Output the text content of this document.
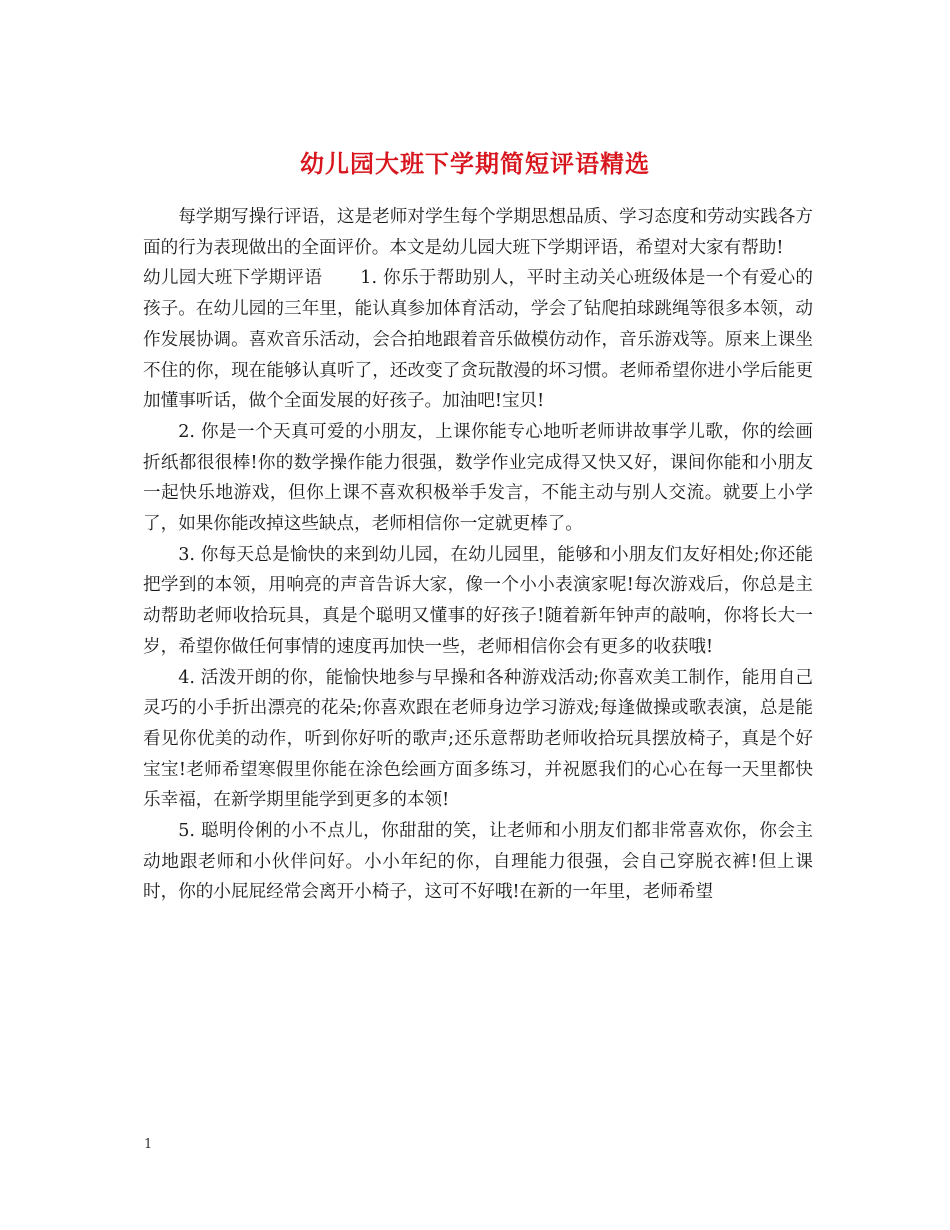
幼儿园大班下学期简短评语精选

每学期写操行评语，这是老师对学生每个学期思想品质、学习态度和劳动实践各方面的行为表现做出的全面评价。本文是幼儿园大班下学期评语，希望对大家有帮助!

幼儿园大班下学期评语 1. 你乐于帮助别人，平时主动关心班级体是一个有爱心的孩子。在幼儿园的三年里，能认真参加体育活动，学会了钻爬拍球跳绳等很多本领，动作发展协调。喜欢音乐活动，会合拍地跟着音乐做模仿动作，音乐游戏等。原来上课坐不住的你，现在能够认真听了，还改变了贪玩散漫的坏习惯。老师希望你进小学后能更加懂事听话，做个全面发展的好孩子。加油吧!宝贝!

2. 你是一个天真可爱的小朋友，上课你能专心地听老师讲故事学儿歌，你的绘画折纸都很很棒!你的数学操作能力很强，数学作业完成得又快又好，课间你能和小朋友一起快乐地游戏，但你上课不喜欢积极举手发言，不能主动与别人交流。就要上小学了，如果你能改掉这些缺点，老师相信你一定就更棒了。

3. 你每天总是愉快的来到幼儿园，在幼儿园里，能够和小朋友们友好相处;你还能把学到的本领，用响亮的声音告诉大家，像一个小小表演家呢!每次游戏后，你总是主动帮助老师收拾玩具，真是个聪明又懂事的好孩子!随着新年钟声的敲响，你将长大一岁，希望你做任何事情的速度再加快一些，老师相信你会有更多的收获哦!

4. 活泼开朗的你，能愉快地参与早操和各种游戏活动;你喜欢美工制作，能用自己灵巧的小手折出漂亮的花朵;你喜欢跟在老师身边学习游戏;每逢做操或歌表演，总是能看见你优美的动作，听到你好听的歌声;还乐意帮助老师收拾玩具摆放椅子，真是个好宝宝!老师希望寒假里你能在涂色绘画方面多练习，并祝愿我们的心心在每一天里都快乐幸福，在新学期里能学到更多的本领!

5. 聪明伶俐的小不点儿，你甜甜的笑，让老师和小朋友们都非常喜欢你，你会主动地跟老师和小伙伴问好。小小年纪的你，自理能力很强，会自己穿脱衣裤!但上课时，你的小屁屁经常会离开小椅子，这可不好哦!在新的一年里，老师希望

1
